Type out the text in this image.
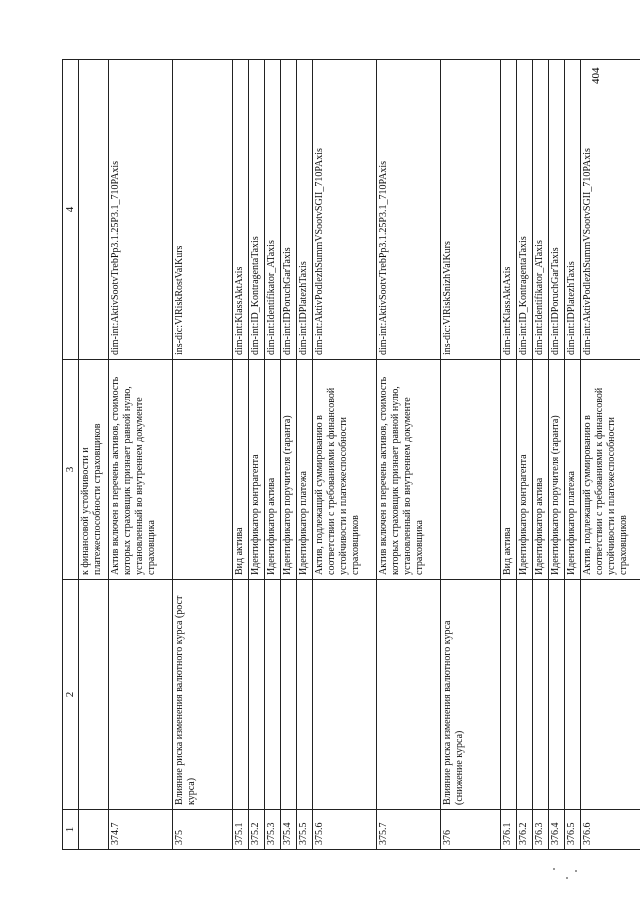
1	2	3	4
		к финансовой устойчивости и платежеспособности страховщиков	
374.7		Актив включен в перечень активов, стоимость которых страховщик признает равной нулю, установленный во внутреннем документе страховщика	dim-int:AktivSootvTrebPp3.1.25P3.1_710PAxis
375	Влияние риска изменения валютного курса (рост курса)		ins-dic:VlRiskRostValKurs
375.1		Вид актива	dim-int:KlassAktAxis
375.2		Идентификатор контрагента	dim-int:ID_KontragentaTaxis
375.3		Идентификатор актива	dim-int:Identifikator_ATaxis
375.4		Идентификатор поручителя (гаранта)	dim-int:IDPoruchGarTaxis
375.5		Идентификатор платежа	dim-int:IDPlatezhTaxis
375.6		Актив, подлежащий суммированию в соответствии с требованиями к финансовой устойчивости и платежеспособности страховщиков	dim-int:AktivPodlezhSummVSootvSGII_710PAxis
375.7		Актив включен в перечень активов, стоимость которых страховщик признает равной нулю, установленный во внутреннем документе страховщика	dim-int:AktivSootvTrebPp3.1.25P3.1_710PAxis
376	Влияние риска изменения валютного курса (снижение курса)		ins-dic:VlRiskSnizhValKurs
376.1		Вид актива	dim-int:KlassAktAxis
376.2		Идентификатор контрагента	dim-int:ID_KontragentaTaxis
376.3		Идентификатор актива	dim-int:Identifikator_ATaxis
376.4		Идентификатор поручителя (гаранта)	dim-int:IDPoruchGarTaxis
376.5		Идентификатор платежа	dim-int:IDPlatezhTaxis
376.6		Актив, подлежащий суммированию в соответствии с требованиями к финансовой устойчивости и платежеспособности страховщиков	dim-int:AktivPodlezhSummVSootvSGII_710PAxis
404
